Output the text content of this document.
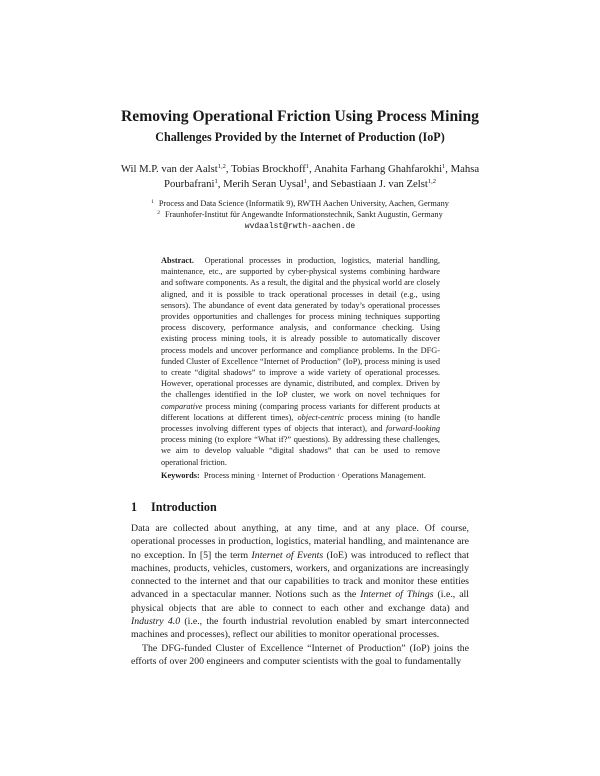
Removing Operational Friction Using Process Mining
Challenges Provided by the Internet of Production (IoP)
Wil M.P. van der Aalst$^{1,2}$, Tobias Brockhoff$^1$, Anahita Farhang Ghahfarokhi$^1$, Mahsa Pourbafrani$^1$, Merih Seran Uysal$^1$, and Sebastiaan J. van Zelst$^{1,2}$
$^1$ Process and Data Science (Informatik 9), RWTH Aachen University, Aachen, Germany
$^2$ Fraunhofer-Institut für Angewandte Informationstechnik, Sankt Augustin, Germany
wvdaalst@rwth-aachen.de
Abstract. Operational processes in production, logistics, material handling, maintenance, etc., are supported by cyber-physical systems combining hardware and software components. As a result, the digital and the physical world are closely aligned, and it is possible to track operational processes in detail (e.g., using sensors). The abundance of event data generated by today’s operational processes provides opportunities and challenges for process mining techniques supporting process discovery, performance analysis, and conformance checking. Using existing process mining tools, it is already possible to automatically discover process models and uncover performance and compliance problems. In the DFG-funded Cluster of Excellence “Internet of Production” (IoP), process mining is used to create “digital shadows” to improve a wide variety of operational processes. However, operational processes are dynamic, distributed, and complex. Driven by the challenges identified in the IoP cluster, we work on novel techniques for comparative process mining (comparing process variants for different products at different locations at different times), object-centric process mining (to handle processes involving different types of objects that interact), and forward-looking process mining (to explore “What if?” questions). By addressing these challenges, we aim to develop valuable “digital shadows” that can be used to remove operational friction.
Keywords: Process mining · Internet of Production · Operations Management.
1 Introduction

Data are collected about anything, at any time, and at any place. Of course, operational processes in production, logistics, material handling, and maintenance are no exception. In [5] the term Internet of Events (IoE) was introduced to reflect that machines, products, vehicles, customers, workers, and organizations are increasingly connected to the internet and that our capabilities to track and monitor these entities advanced in a spectacular manner. Notions such as the Internet of Things (i.e., all physical objects that are able to connect to each other and exchange data) and Industry 4.0 (i.e., the fourth industrial revolution enabled by smart interconnected machines and processes), reflect our abilities to monitor operational processes.

The DFG-funded Cluster of Excellence “Internet of Production” (IoP) joins the efforts of over 200 engineers and computer scientists with the goal to fundamentally
